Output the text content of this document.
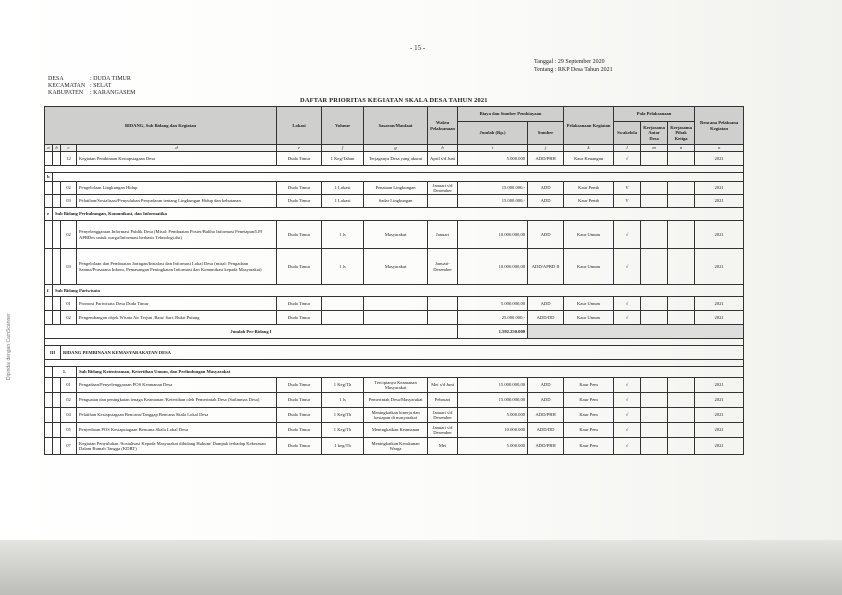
- 15 -
Tanggal : 29 September 2020
Tentang : RKP Desa Tahun 2021
DESA	: DUDA TIMUR
KECAMATAN : SELAT
KABUPATEN : KARANGASEM
DAFTAR PRIORITAS KEGIATAN SKALA DESA TAHUN 2021
Dipindai dengan CamScanner
BIDANG, Sub Bidang dan Kegiatan				Lokasi	Volume	Sasaran/Manfaat	Waktu Pelaksanaan	Biaya dan Sumber Pembiayaan		Pelaksanaan Kegiatan	Pola Pelaksanaan			Rencana Pelaksana Kegiatan
								Jumlah (Rp.)	Sumber		Swakelola	Kerjasama Antar Desa	Kerjasama Pihak Ketiga	

a	b	c	d	e	f	g	h	i	j	k	l	m	n	o
		12	Kegiatan Pembinaan Kesiapsiagaan Desa	Duda Timur	1 Keg/Tahun	Terjaganya Desa yang akurat	April s/d Juni	5.000.000	ADD/PBH	Kaur Keuangan	√			2021

b														
		02	Pengelolaan Lingkungan Hidup	Duda Timur	1 Lokasi	Penataan Lingkungan	Januari s/d Desember	15.000.000,-	ADD	Kaur Pemb	V			2021
		03	Pelatihan/Sosialisasi/Penyuluhan Penyadaran tentang Lingkungan Hidup dan kehutanan	Duda Timur	1 Lokasi	Sadar Lingkungan		15.000.000,-	ADD	Kaur Pemb	V			2021
e	Sub Bidang Perhubungan, Komunikasi, dan Informatika													
		02	Penyelenggaraan Informasi Publik Desa (Misal: Pembuatan Poster/Baliho Informasi Penetapan/LPJ APBDes untuk warga/Informasi berbasis Teknologi,dst)	Duda Timur	1 ls	Masyarakat	Januari	10.000.000,00	ADD	Kaur Umum	√			2021
		03	Pengelolaan dan Pembuatan Jaringan/Instalasi dan Informasi Lokal Desa (misal: Pengadaan Sarana/Prasarana Inkom, Pemasangan Peningkatan Informasi dan Komunikasi kepada Masyarakat)	Duda Timur	1 ls	Masyarakat	Januari-Desember	10.000.000,00	ADD/APBD II	Kaur Umum	√			2021
f	Sub Bidang Pariwisata													
		01	Promosi Pariwisata Desa Duda Timur	Duda Timur				5.000.000,00	ADD	Kaur Umum	√			2021
		02	Pengembangan objek Wisata Air Terjun ,Batu/ Sari, Bukit Putung	Duda Timur				25.000.000,-	ADD/DD	Kaur Umum	√			2021
Jumlah Per-Bidang I								1.592.250.000						

III		BIDANG PEMBINAAN KEMASYARAKATAN DESA												

	1.		Sub Bidang Ketentraman, Ketertiban Umum, dan Perlindungan Masyarakat											
		01	Pengadaan/Penyelenggaraan POS Keamanan Desa	Duda Timur	1 Keg/Th	Terciptanya Keamanan Masyarakat	Mei s/d Juni	15.000.000,00	ADD	Kaur Pem	√			2021
		02	Penguatan dan peningkatan tenaga Keamanan /Ketertiban oleh Pemerintah Desa (Satlinmas Desa)	Duda Timur	1 ls	Pemerintah Desa/Masyarakat	Pebruari	15.000.000,00	ADD	Kaur Pem	√			2021
		04	Pelatihan Kesiapsiagaan Bencana/Tanggap Bencana Skala Lokal Desa	Duda Timur	1 Keg/Th	Meningkatkan kinerja dan kesiapan di masyarakat	Januari s/d Desember	5.000.000	ADD/PBH	Kaur Pem	√			2021
		05	Penyediaan POS Kesiapsiagaan Bencana Skala Lokal Desa	Duda Timur	1 Keg/Th	Meningkatkan Keamanan	Januari s/d Desember	10.000.000	ADD/DD	Kaur Pem	√			2021
		07	Kegiatan Penyuluhan /Sosialisasi Kepada Masyarakat dibidang Hukum/ Dampak terhadap Kekerasan Dalam Rumah Tangga (KDRT)	Duda Timur	1 keg/Th	Meningkatkan Kerukunan Warga	Mei	5.000.000	ADD/PBH	Kaur Pem	√			2021
